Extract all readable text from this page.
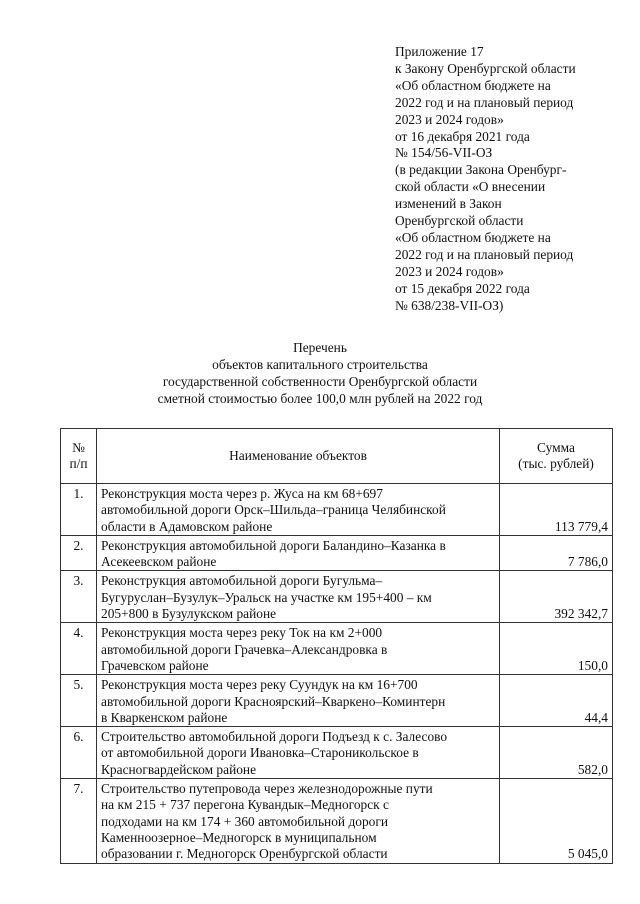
Приложение 17
к Закону Оренбургской области
«Об областном бюджете на
2022 год и на плановый период
2023 и 2024 годов»
от 16 декабря 2021 года
№ 154/56-VII-ОЗ
(в редакции Закона Оренбург-
ской области «О внесении
изменений в Закон
Оренбургской области
«Об областном бюджете на
2022 год и на плановый период
2023 и 2024 годов»
от 15 декабря 2022 года
№ 638/238-VII-ОЗ)
Перечень
объектов капитального строительства
государственной собственности Оренбургской области
сметной стоимостью более 100,0 млн рублей на 2022 год
№
п/п	Наименование объектов	Сумма
(тыс. рублей)

1.	Реконструкция моста через р. Жуса на км 68+697
автомобильной дороги Орск–Шильда–граница Челябинской
области в Адамовском районе	113 779,4
2.	Реконструкция автомобильной дороги Баландино–Казанка в
Асекеевском районе	7 786,0
3.	Реконструкция автомобильной дороги Бугульма–
Бугуруслан–Бузулук–Уральск на участке км 195+400 – км
205+800 в Бузулукском районе	392 342,7
4.	Реконструкция моста через реку Ток на км 2+000
автомобильной дороги Грачевка–Александровка в
Грачевском районе	150,0
5.	Реконструкция моста через реку Суундук на км 16+700
автомобильной дороги Красноярский–Кваркено–Коминтерн
в Кваркенском районе	44,4
6.	Строительство автомобильной дороги Подъезд к с. Залесово
от автомобильной дороги Ивановка–Староникольское в
Красногвардейском районе	582,0
7.	Строительство путепровода через железнодорожные пути
на км 215 + 737 перегона Кувандык–Медногорск с
подходами на км 174 + 360 автомобильной дороги
Каменноозерное–Медногорск в муниципальном
образовании г. Медногорск Оренбургской области	5 045,0
